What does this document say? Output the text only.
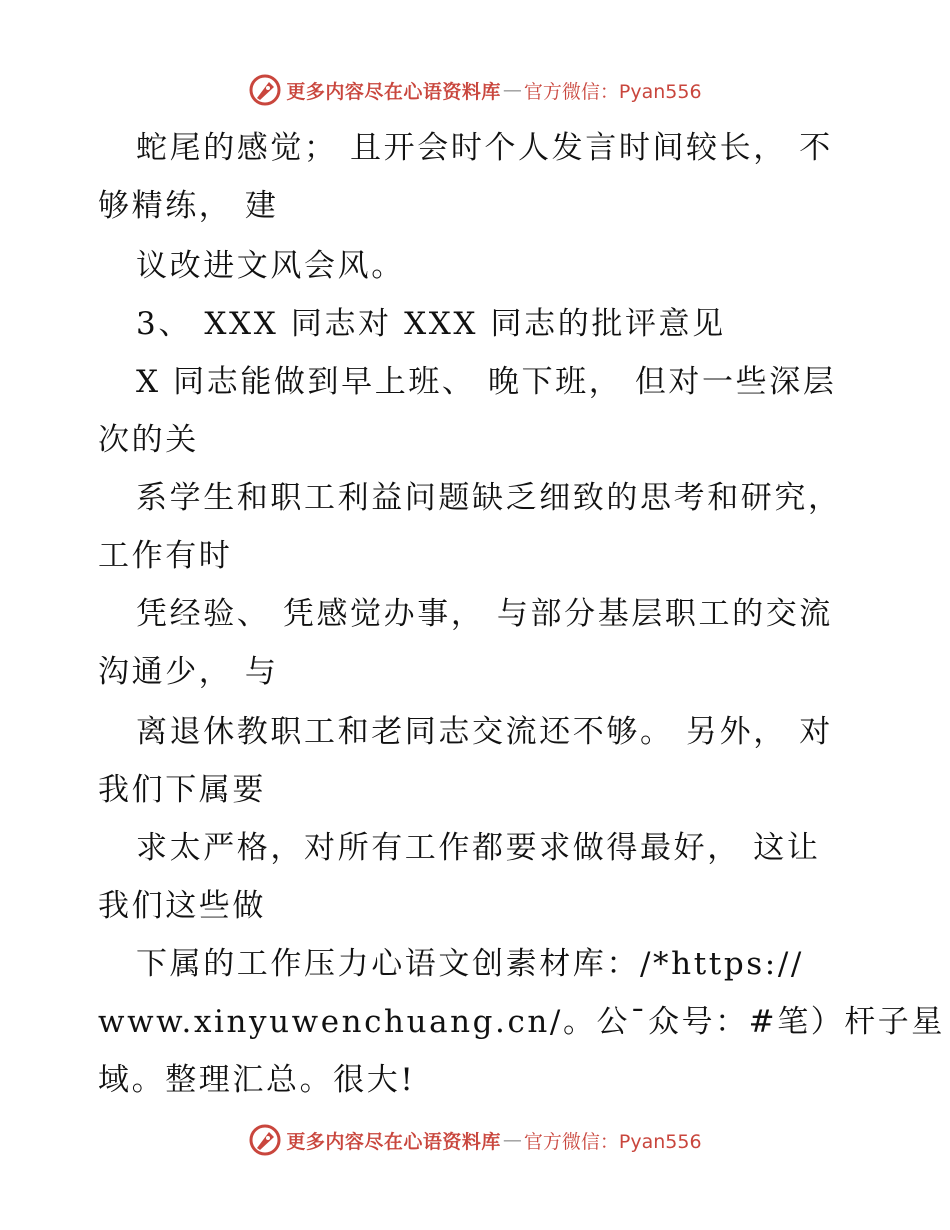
更多内容尽在心语资料库 — 官方微信：Pyan556
蛇尾的感觉； 且开会时个人发言时间较长， 不
够精练， 建
议改进文风会风。
3、 XXX 同志对 XXX 同志的批评意见
X 同志能做到早上班、 晚下班， 但对一些深层
次的关
系学生和职工利益问题缺乏细致的思考和研究，
工作有时
凭经验、 凭感觉办事， 与部分基层职工的交流
沟通少， 与
离退休教职工和老同志交流还不够。 另外， 对
我们下属要
求太严格，对所有工作都要求做得最好， 这让
我们这些做
下属的工作压力心语文创素材库：/*https://
www.xinyuwenchuang.cn/。公¯众号：#笔）杆子星
域。整理汇总。很大!
更多内容尽在心语资料库 — 官方微信：Pyan556
